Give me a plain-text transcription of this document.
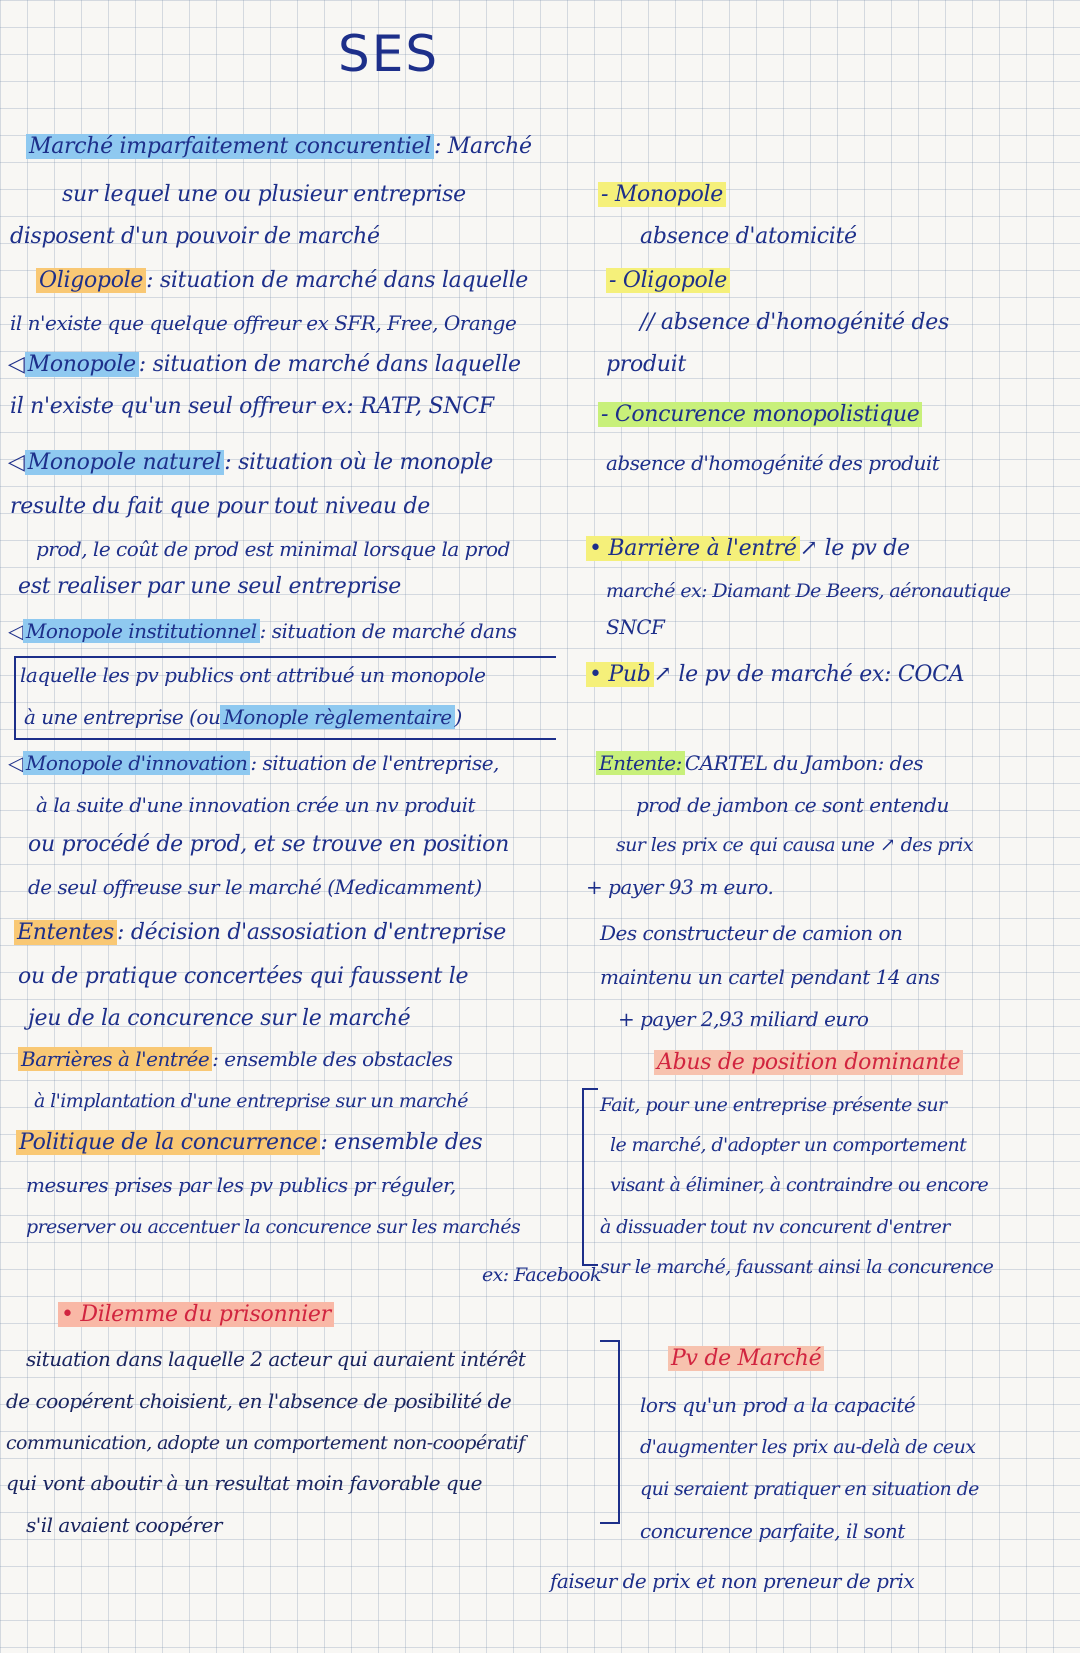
SES
Marché imparfaitement concurentiel : Marché
sur lequel une ou plusieur entreprise
disposent d'un pouvoir de marché
Oligopole : situation de marché dans laquelle
il n'existe que quelque offreur ex SFR, Free, Orange
◁ Monopole : situation de marché dans laquelle
il n'existe qu'un seul offreur ex: RATP, SNCF
◁ Monopole naturel : situation où le monople
resulte du fait que pour tout niveau de
prod, le coût de prod est minimal lorsque la prod
est realiser par une seul entreprise
◁ Monopole institutionnel : situation de marché dans
laquelle les pv publics ont attribué un monopole
à une entreprise (ou Monople règlementaire )
◁ Monopole d'innovation : situation de l'entreprise,
à la suite d'une innovation crée un nv produit
ou procédé de prod, et se trouve en position
de seul offreuse sur le marché (Medicamment)
Ententes : décision d'assosiation d'entreprise
ou de pratique concertées qui faussent le
jeu de la concurence sur le marché
Barrières à l'entrée : ensemble des obstacles
à l'implantation d'une entreprise sur un marché
Politique de la concurrence : ensemble des
mesures prises par les pv publics pr réguler,
preserver ou accentuer la concurence sur les marchés
ex: Facebook
• Dilemme du prisonnier
situation dans laquelle 2 acteur qui auraient intérêt
de coopérent choisient, en l'absence de posibilité de
communication, adopte un comportement non-coopératif
qui vont aboutir à un resultat moin favorable que
s'il avaient coopérer
- Monopole
absence d'atomicité
- Oligopole
// absence d'homogénité des
produit
- Concurence monopolistique
absence d'homogénité des produit
• Barrière à l'entré ↗ le pv de
marché ex: Diamant De Beers, aéronautique
SNCF
• Pub ↗ le pv de marché ex: COCA
Entente: CARTEL du Jambon: des
prod de jambon ce sont entendu
sur les prix ce qui causa une ↗ des prix
+ payer 93 m euro.
Des constructeur de camion on
maintenu un cartel pendant 14 ans
+ payer 2,93 miliard euro
Abus de position dominante
Fait, pour une entreprise présente sur
le marché, d'adopter un comportement
visant à éliminer, à contraindre ou encore
à dissuader tout nv concurent d'entrer
sur le marché, faussant ainsi la concurence
Pv de Marché
lors qu'un prod a la capacité
d'augmenter les prix au-delà de ceux
qui seraient pratiquer en situation de
concurence parfaite, il sont
faiseur de prix et non preneur de prix
